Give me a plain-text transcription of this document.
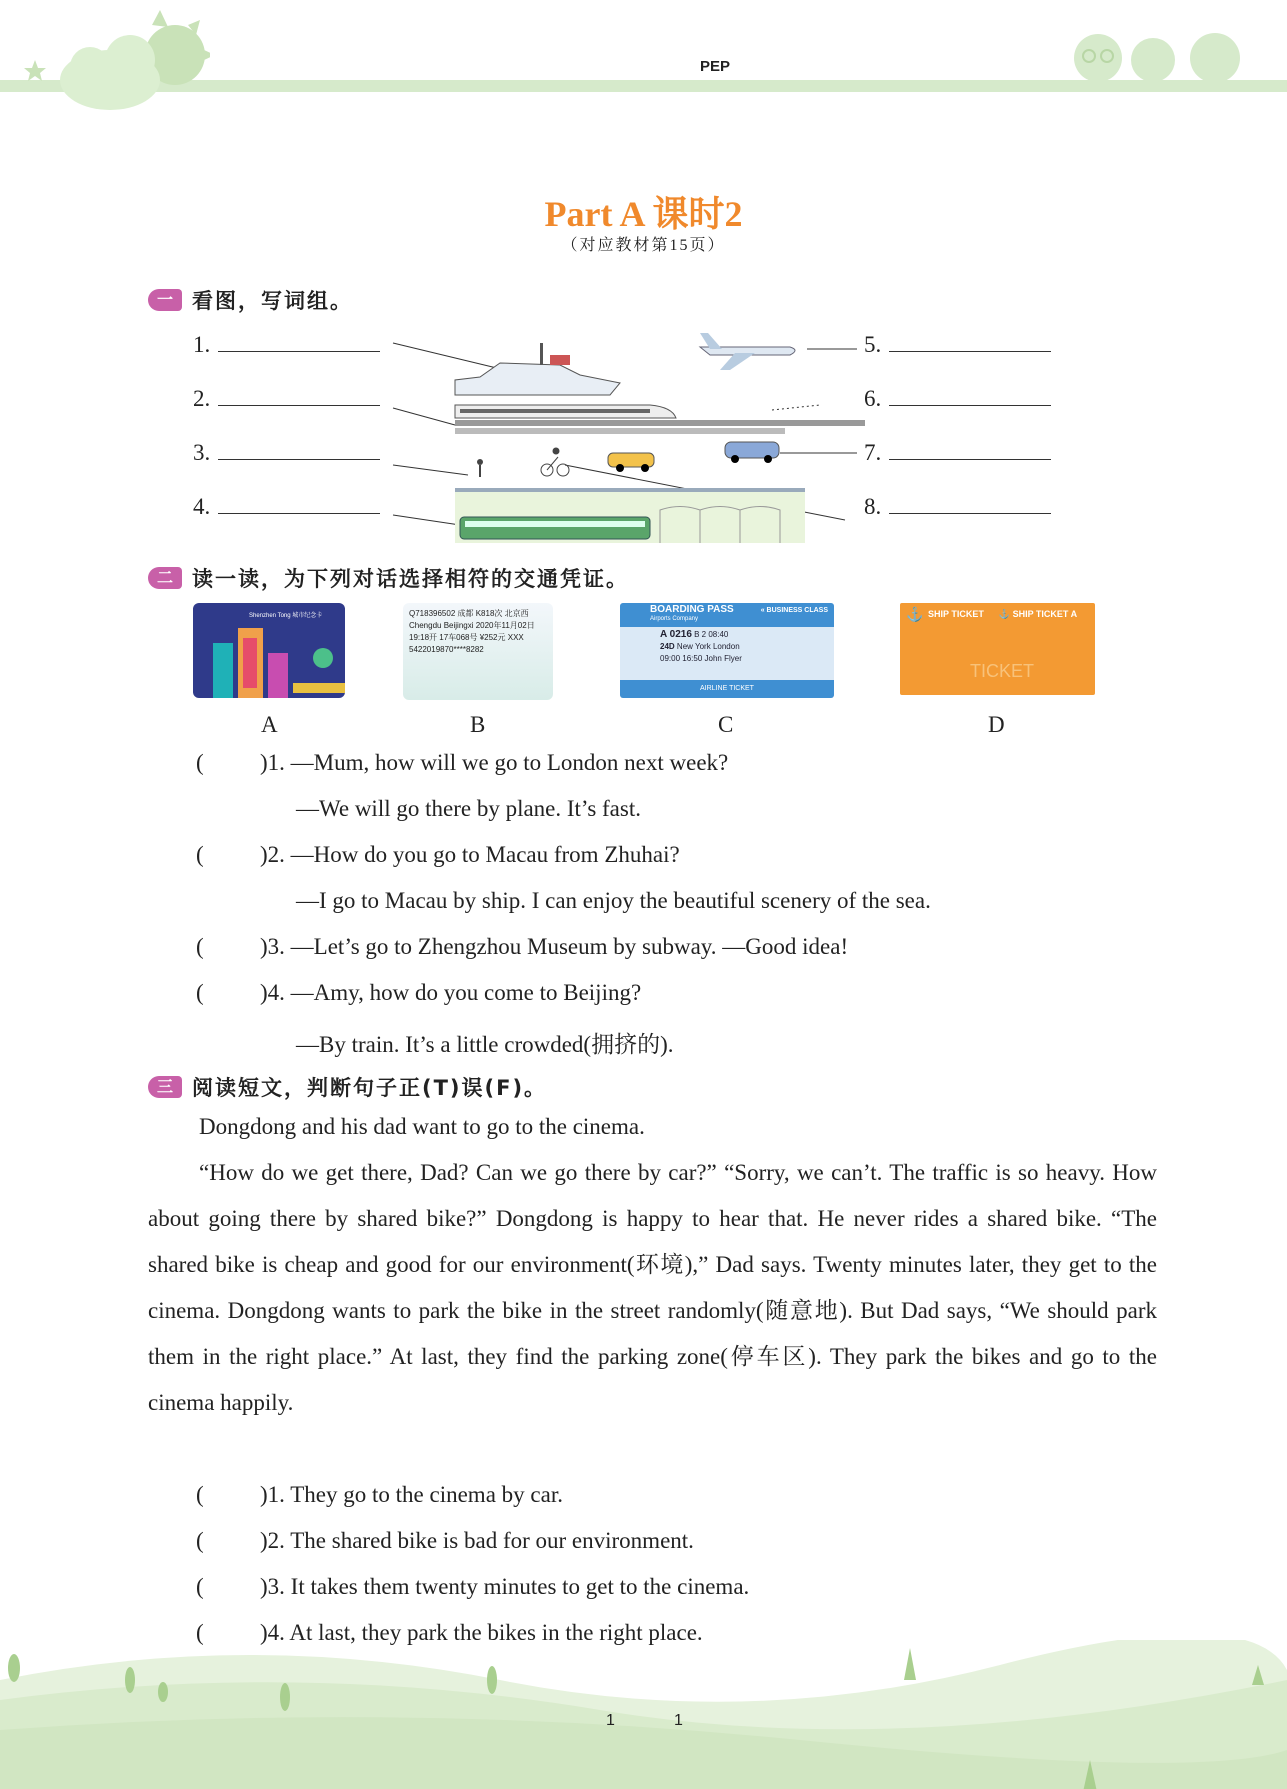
PEP
Part A 课时2
（对应教材第15页）
一 看图，写词组。
1.
2.
3.
4.
5.
6.
7.
8.
二 读一读，为下列对话选择相符的交通凭证。
Shenzhen Tong 城市纪念卡	Q718396502 成都 K818次 北京西 Chengdu Beijingxi 2020年11月02日19:18开 17车068号 ¥252元 XXX 5422019870****8282
BOARDING PASS
Airports Company
« BUSINESS CLASS
A 0216 B 2 08:40
24D New York London
09:00 16:50 John Flyer
AIRLINE TICKET
SHIP TICKET      ⚓ SHIP TICKET A
TICKET
⚓
A	B	C	D
( )1. —Mum, how will we go to London next week?
—We will go there by plane. It’s fast.
( )2. —How do you go to Macau from Zhuhai?
—I go to Macau by ship. I can enjoy the beautiful scenery of the sea.
( )3. —Let’s go to Zhengzhou Museum by subway. —Good idea!
( )4. —Amy, how do you come to Beijing?
—By train. It’s a little crowded(拥挤的).
三 阅读短文，判断句子正(T)误(F)。
Dongdong and his dad want to go to the cinema.
“How do we get there, Dad? Can we go there by car?” “Sorry, we can’t. The traffic is so heavy. How about going there by shared bike?” Dongdong is happy to hear that. He never rides a shared bike. “The shared bike is cheap and good for our environment(环境),” Dad says. Twenty minutes later, they get to the cinema. Dongdong wants to park the bike in the street randomly(随意地). But Dad says, “We should park them in the right place.” At last, they find the parking zone(停车区). They park the bikes and go to the cinema happily.
( )1. They go to the cinema by car.
( )2. The shared bike is bad for our environment.
( )3. It takes them twenty minutes to get to the cinema.
( )4. At last, they park the bikes in the right place.
1	1
